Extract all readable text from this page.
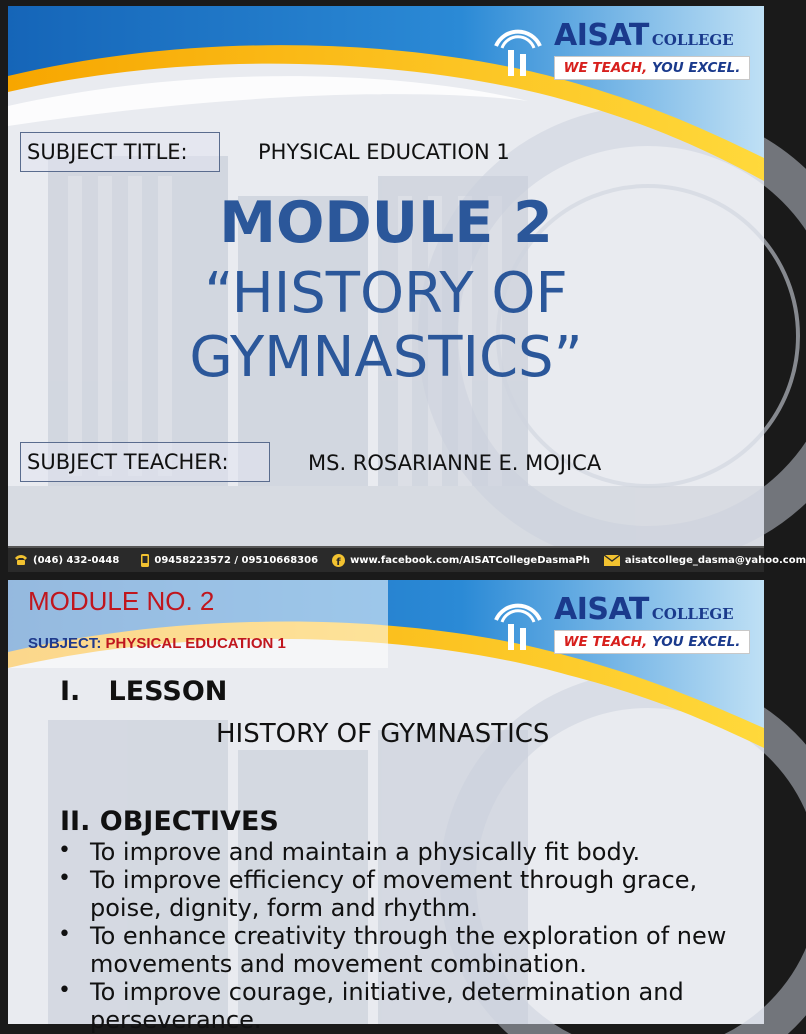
AISAT COLLEGE
WE TEACH,
YOU EXCEL.
SUBJECT TITLE:	PHYSICAL EDUCATION 1
MODULE 2
“HISTORY OF
GYMNASTICS”
SUBJECT TEACHER:	MS. ROSARIANNE E. MOJICA
(046) 432-0448	09458223572 / 09510668306 f www.facebook.com/AISATCollegeDasmaPh	aisatcollege_dasma@yahoo.com
AISAT COLLEGE
WE TEACH,
YOU EXCEL.
MODULE NO. 2
SUBJECT: PHYSICAL EDUCATION 1
I.   LESSON
HISTORY OF GYMNASTICS
II. OBJECTIVES
• To improve and maintain a physically fit body.
• To improve efficiency of movement through grace, poise, dignity, form and rhythm.
• To enhance creativity through the exploration of new movements and movement combination.
• To improve courage, initiative, determination and perseverance.
